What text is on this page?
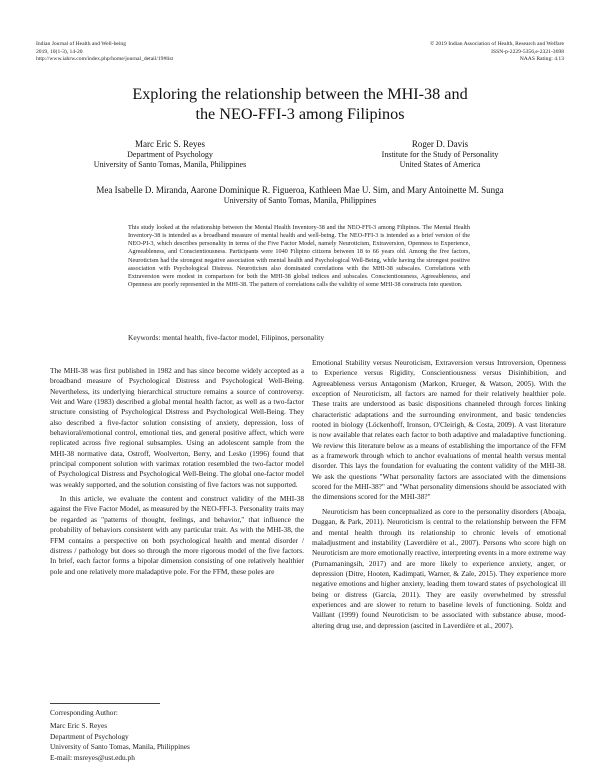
Indian Journal of Health and Well-being
2019, 10(1-3), 14-20
http://www.iahrw.com/index.php/home/journal_detail/19#list
© 2019 Indian Association of Health, Research and Welfare
ISSN-p-2229-5356,e-2321-3698
NAAS Rating: 4.13
Exploring the relationship between the MHI-38 and
the NEO-FFI-3 among Filipinos
Marc Eric S. Reyes
Department of Psychology
University of Santo Tomas, Manila, Philippines
Roger D. Davis
Institute for the Study of Personality
United States of America
Mea Isabelle D. Miranda, Aarone Dominique R. Figueroa, Kathleen Mae U. Sim, and Mary Antoinette M. Sunga
University of Santo Tomas, Manila, Philippines
This study looked at the relationship between the Mental Health Inventory-38 and the NEO-FFI-3 among Filipinos. The Mental Health Inventory-38 is intended as a broadband measure of mental health and well-being. The NEO-FFI-3 is intended as a brief version of the NEO-PI-3, which describes personality in terms of the Five Factor Model, namely Neuroticism, Extraversion, Openness to Experience, Agreeableness, and Conscientiousness. Participants were 1040 Filipino citizens between 18 to 66 years old. Among the five factors, Neuroticism had the strongest negative association with mental health and Psychological Well-Being, while having the strongest positive association with Psychological Distress. Neuroticism also dominated correlations with the MHI-38 subscales. Correlations with Extraversion were modest in comparison for both the MHI-38 global indices and subscales. Conscientiousness, Agreeableness, and Openness are poorly represented in the MHI-38. The pattern of correlations calls the validity of some MHI-38 constructs into question.
Keywords: mental health, five-factor model, Filipinos, personality

The MHI-38 was first published in 1982 and has since become widely accepted as a broadband measure of Psychological Distress and Psychological Well-Being. Nevertheless, its underlying hierarchical structure remains a source of controversy. Veit and Ware (1983) described a global mental health factor, as well as a two-factor structure consisting of Psychological Distress and Psychological Well-Being. They also described a five-factor solution consisting of anxiety, depression, loss of behavioral/emotional control, emotional ties, and general positive affect, which were replicated across five regional subsamples. Using an adolescent sample from the MHI-38 normative data, Ostroff, Woolverton, Berry, and Lesko (1996) found that principal component solution with varimax rotation resembled the two-factor model of Psychological Distress and Psychological Well-Being. The global one-factor model was weakly supported, and the solution consisting of five factors was not supported.

In this article, we evaluate the content and construct validity of the MHI-38 against the Five Factor Model, as measured by the NEO-FFI-3. Personality traits may be regarded as "patterns of thought, feelings, and behavior," that influence the probability of behaviors consistent with any particular trait. As with the MHI-38, the FFM contains a perspective on both psychological health and mental disorder / distress / pathology but does so through the more rigorous model of the five factors. In brief, each factor forms a bipolar dimension consisting of one relatively healthier pole and one relatively more maladaptive pole. For the FFM, these poles are

Emotional Stability versus Neuroticism, Extraversion versus Introversion, Openness to Experience versus Rigidity, Conscientiousness versus Disinhibition, and Agreeableness versus Antagonism (Markon, Krueger, & Watson, 2005). With the exception of Neuroticism, all factors are named for their relatively healthier pole. These traits are understood as basic dispositions channeled through forces linking characteristic adaptations and the surrounding environment, and basic tendencies rooted in biology (Löckenhoff, Ironson, O'Cleirigh, & Costa, 2009). A vast literature is now available that relates each factor to both adaptive and maladaptive functioning. We review this literature below as a means of establishing the importance of the FFM as a framework through which to anchor evaluations of mental health versus mental disorder. This lays the foundation for evaluating the content validity of the MHI-38. We ask the questions "What personality factors are associated with the dimensions scored for the MHI-38?" and "What personality dimensions should be associated with the dimensions scored for the MHI-38?"

Neuroticism has been conceptualized as core to the personality disorders (Aboaja, Duggan, & Park, 2011). Neuroticism is central to the relationship between the FFM and mental health through its relationship to chronic levels of emotional maladjustment and instability (Laverdière et al., 2007). Persons who score high on Neuroticism are more emotionally reactive, interpreting events in a more extreme way (Purnamaningsih, 2017) and are more likely to experience anxiety, anger, or depression (Ditre, Hooten, Kadimpati, Warner, & Zale, 2015). They experience more negative emotions and higher anxiety, leading them toward states of psychological ill being or distress (García, 2011). They are easily overwhelmed by stressful experiences and are slower to return to baseline levels of functioning. Soldz and Vaillant (1999) found Neuroticism to be associated with substance abuse, mood-altering drug use, and depression (ascited in Laverdière et al., 2007).

Corresponding Author:
Marc Eric S. Reyes
Department of Psychology
University of Santo Tomas, Manila, Philippines
E-mail: msreyes@ust.edu.ph
